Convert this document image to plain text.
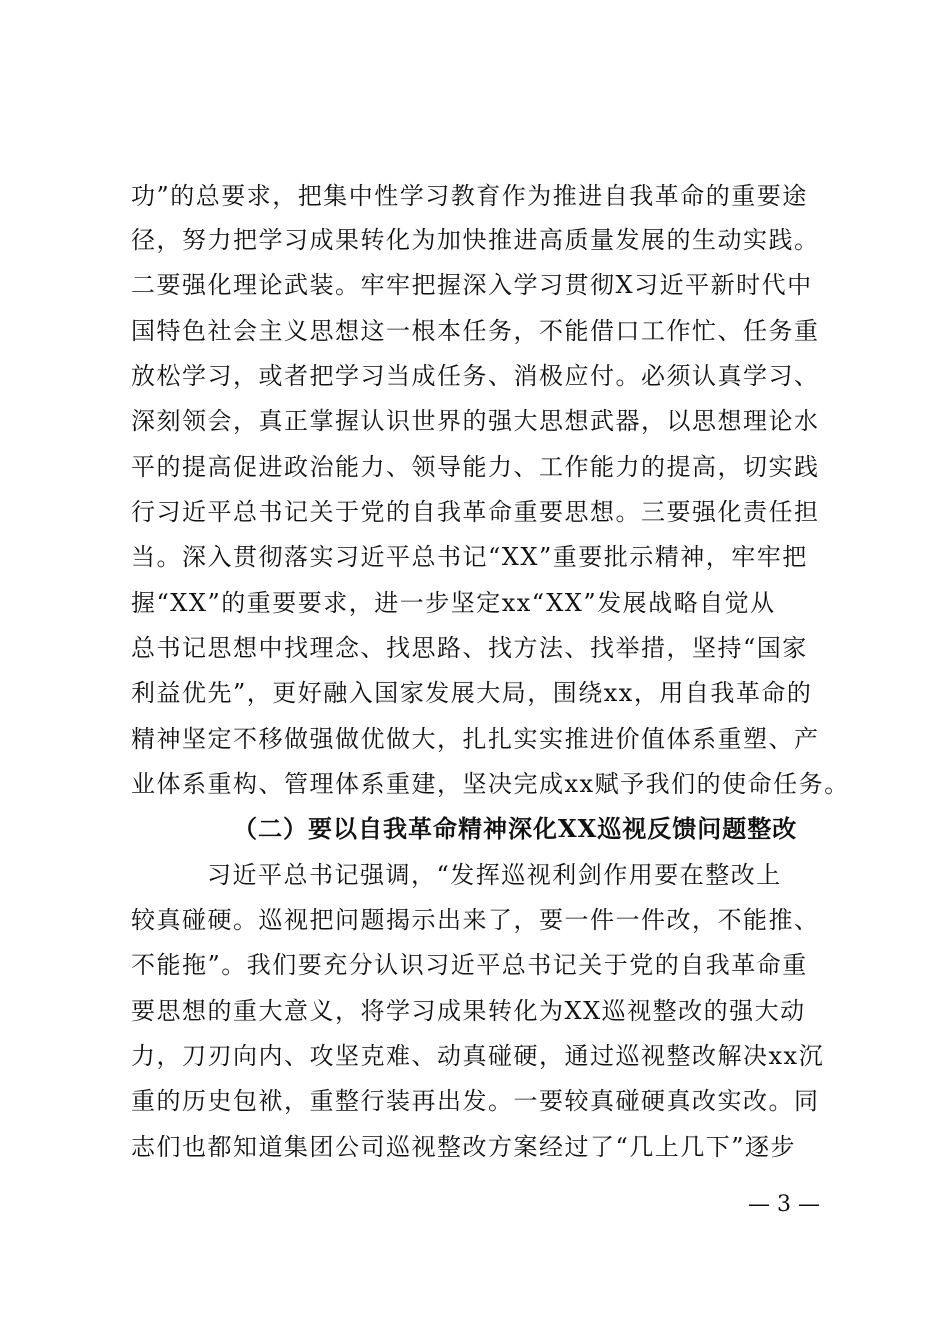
功”的总要求，把集中性学习教育作为推进自我革命的重要途
径，努力把学习成果转化为加快推进高质量发展的生动实践。
二要强化理论武装。牢牢把握深入学习贯彻X习近平新时代中
国特色社会主义思想这一根本任务，不能借口工作忙、任务重
放松学习，或者把学习当成任务、消极应付。必须认真学习、
深刻领会，真正掌握认识世界的强大思想武器，以思想理论水
平的提高促进政治能力、领导能力、工作能力的提高，切实践
行习近平总书记关于党的自我革命重要思想。三要强化责任担
当。深入贯彻落实习近平总书记“XX”重要批示精神，牢牢把
握“XX”的重要要求，进一步坚定xx“XX”发展战略自觉从
总书记思想中找理念、找思路、找方法、找举措，坚持“国家
利益优先”，更好融入国家发展大局，围绕xx，用自我革命的
精神坚定不移做强做优做大，扎扎实实推进价值体系重塑、产
业体系重构、管理体系重建，坚决完成xx赋予我们的使命任务。
（二）要以自我革命精神深化XX巡视反馈问题整改
习近平总书记强调，“发挥巡视利剑作用要在整改上
较真碰硬。巡视把问题揭示出来了，要一件一件改，不能推、
不能拖”。我们要充分认识习近平总书记关于党的自我革命重
要思想的重大意义，将学习成果转化为XX巡视整改的强大动
力，刀刃向内、攻坚克难、动真碰硬，通过巡视整改解决xx沉
重的历史包袱，重整行装再出发。一要较真碰硬真改实改。同
志们也都知道集团公司巡视整改方案经过了“几上几下”逐步
— 3 —
